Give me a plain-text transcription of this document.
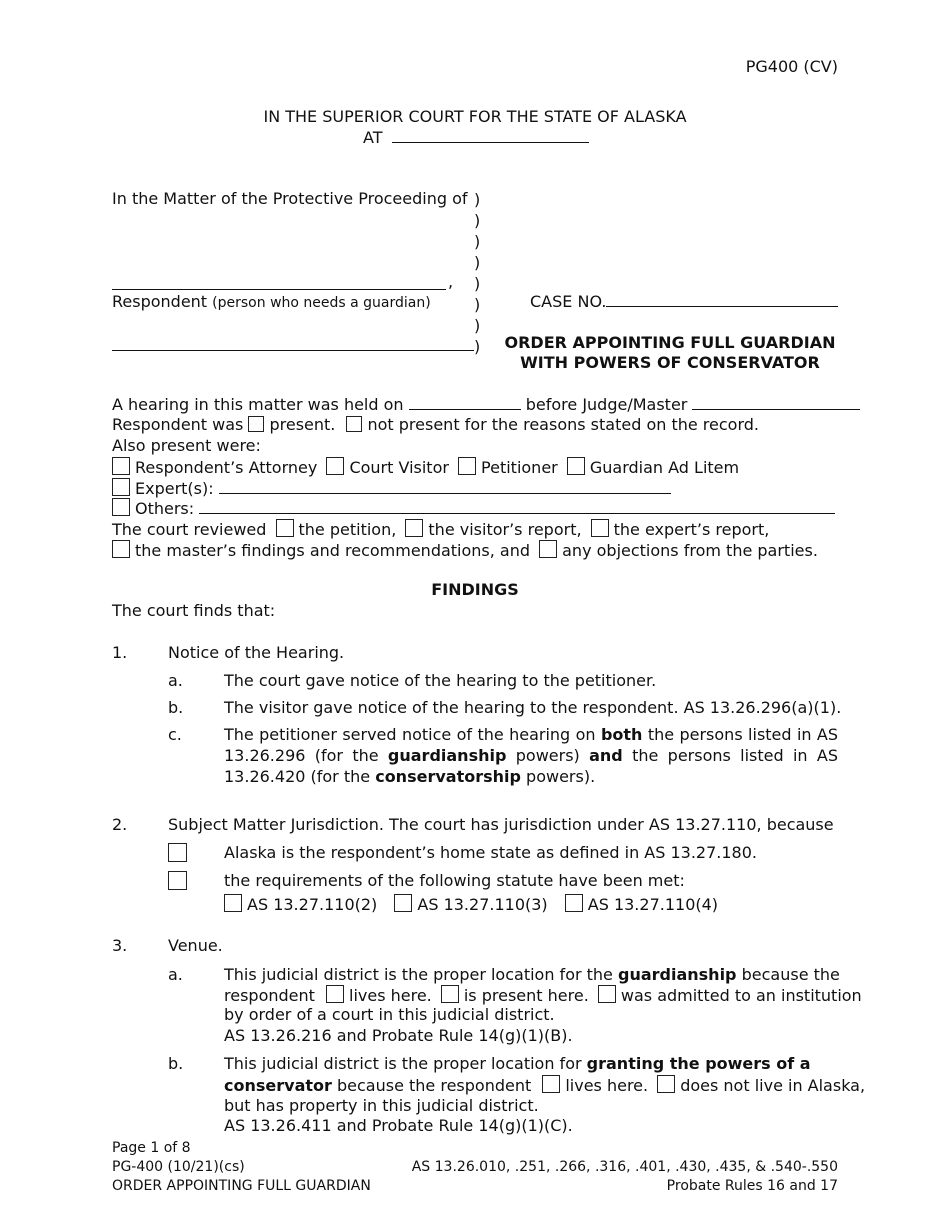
PG400 (CV)
IN THE SUPERIOR COURT FOR THE STATE OF ALASKA
AT
In the Matter of the Protective Proceeding of
,
Respondent (person who needs a guardian)
)
)
)
)
)
)
)
)
CASE NO.
ORDER APPOINTING FULL GUARDIAN
WITH POWERS OF CONSERVATOR
A hearing in this matter was held on	before Judge/Master
Respondent was present. not present for the reasons stated on the record.
Also present were:
Respondent’s Attorney Court Visitor Petitioner Guardian Ad Litem
Expert(s):
Others:
The court reviewed the petition, the visitor’s report, the expert’s report,
the master’s findings and recommendations, and any objections from the parties.
FINDINGS
The court finds that:
1.	Notice of the Hearing.
a.	The court gave notice of the hearing to the petitioner.
b.	The visitor gave notice of the hearing to the respondent. AS 13.26.296(a)(1).
c.	The petitioner served notice of the hearing on both the persons listed in AS 13.26.296 (for the guardianship powers) and the persons listed in AS 13.26.420 (for the conservatorship powers).
2.	Subject Matter Jurisdiction. The court has jurisdiction under AS 13.27.110, because
Alaska is the respondent’s home state as defined in AS 13.27.180.
the requirements of the following statute have been met:
AS 13.27.110(2)	AS 13.27.110(3)	AS 13.27.110(4)
3.	Venue.
a.	This judicial district is the proper location for the guardianship because the
respondent lives here. is present here. was admitted to an institution
by order of a court in this judicial district.
AS 13.26.216 and Probate Rule 14(g)(1)(B).
b.	This judicial district is the proper location for granting the powers of a
conservator because the respondent lives here. does not live in Alaska,
but has property in this judicial district.
AS 13.26.411 and Probate Rule 14(g)(1)(C).
Page 1 of 8
PG-400 (10/21)(cs)
ORDER APPOINTING FULL GUARDIAN
AS 13.26.010, .251, .266, .316, .401, .430, .435, & .540-.550
Probate Rules 16 and 17
